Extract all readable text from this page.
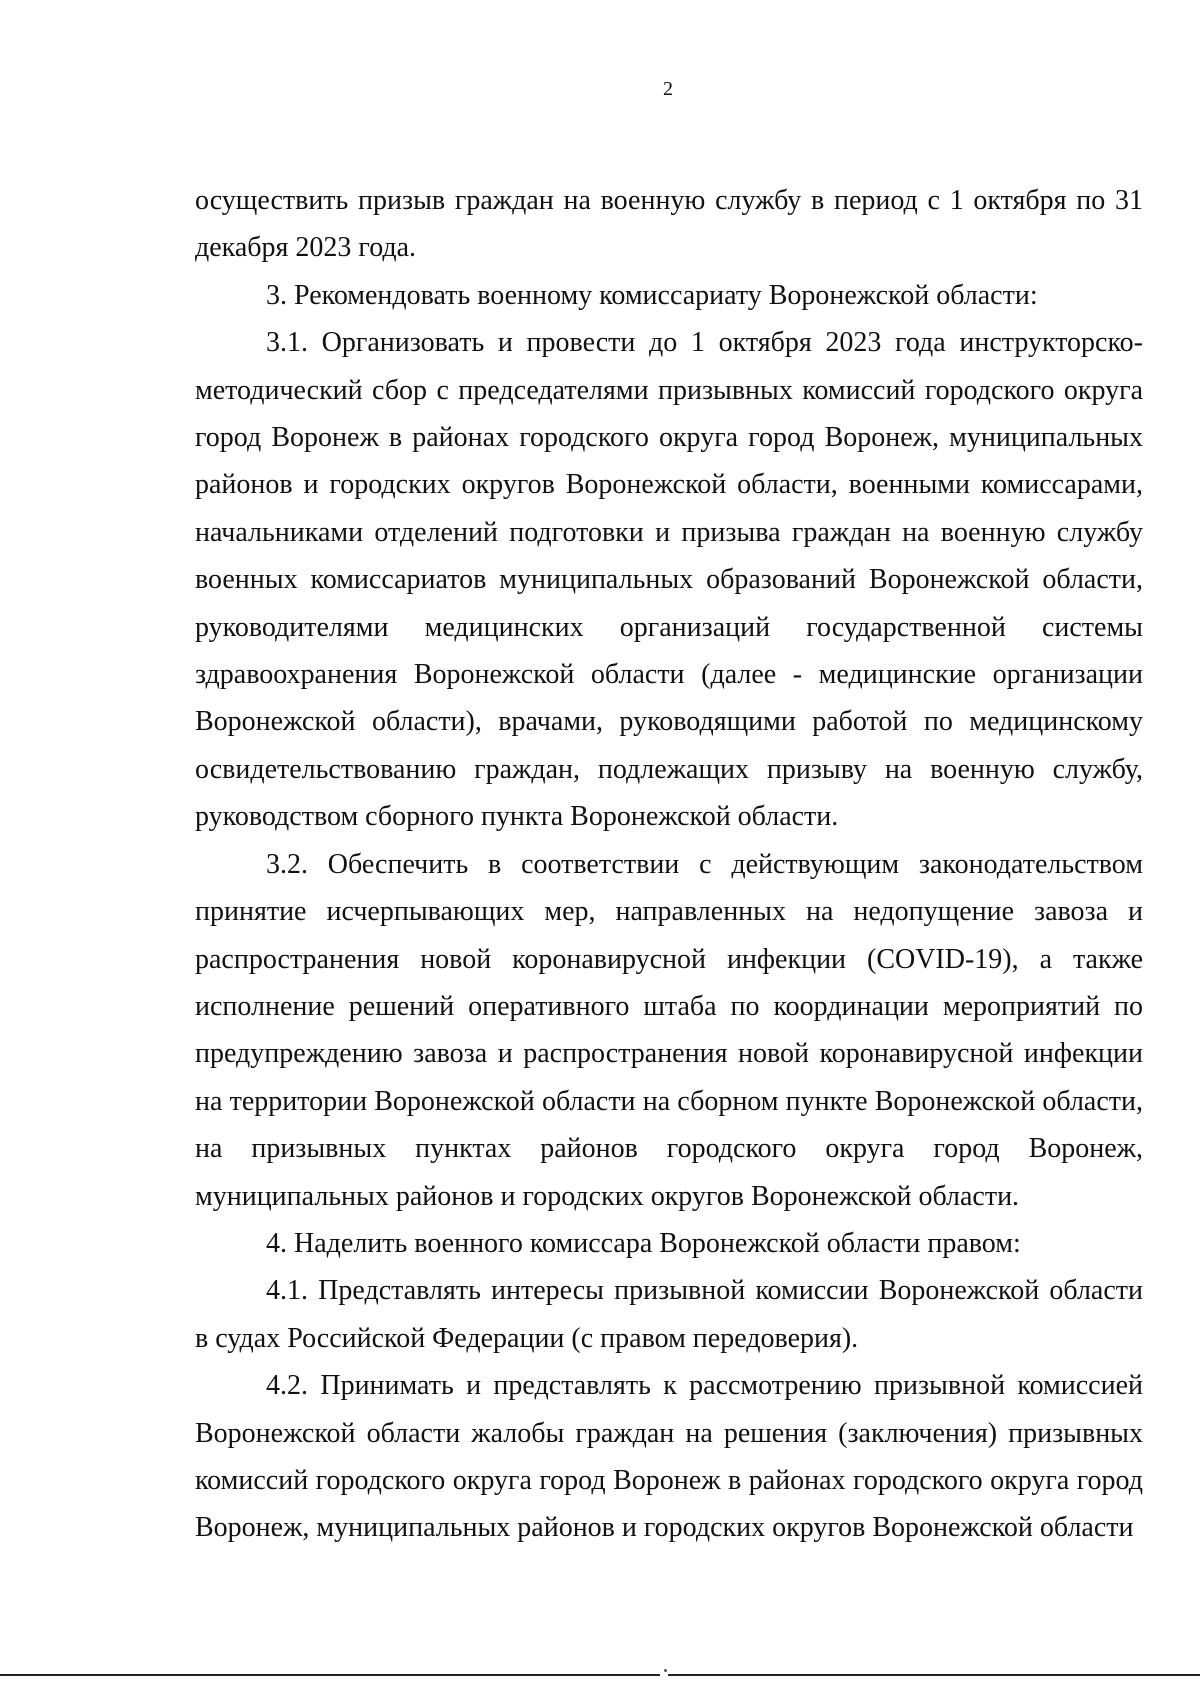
2

осуществить призыв граждан на военную службу в период с 1 октября по 31 декабря 2023 года.

3. Рекомендовать военному комиссариату Воронежской области:

3.1. Организовать и провести до 1 октября 2023 года инструкторско-методический сбор с председателями призывных комиссий городского округа город Воронеж в районах городского округа город Воронеж, муниципальных районов и городских округов Воронежской области, военными комиссарами, начальниками отделений подготовки и призыва граждан на военную службу военных комиссариатов муниципальных образований Воронежской области, руководителями медицинских организаций государственной системы здравоохранения Воронежской области (далее - медицинские организации Воронежской области), врачами, руководящими работой по медицинскому освидетельствованию граждан, подлежащих призыву на военную службу, руководством сборного пункта Воронежской области.

3.2. Обеспечить в соответствии с действующим законодательством принятие исчерпывающих мер, направленных на недопущение завоза и распространения новой коронавирусной инфекции (COVID-19), а также исполнение решений оперативного штаба по координации мероприятий по предупреждению завоза и распространения новой коронавирусной инфекции на территории Воронежской области на сборном пункте Воронежской области, на призывных пунктах районов городского округа город Воронеж, муниципальных районов и городских округов Воронежской области.

4. Наделить военного комиссара Воронежской области правом:

4.1. Представлять интересы призывной комиссии Воронежской области в судах Российской Федерации (с правом передоверия).

4.2. Принимать и представлять к рассмотрению призывной комиссией Воронежской области жалобы граждан на решения (заключения) призывных комиссий городского округа город Воронеж в районах городского округа город Воронеж, муниципальных районов и городских округов Воронежской области
